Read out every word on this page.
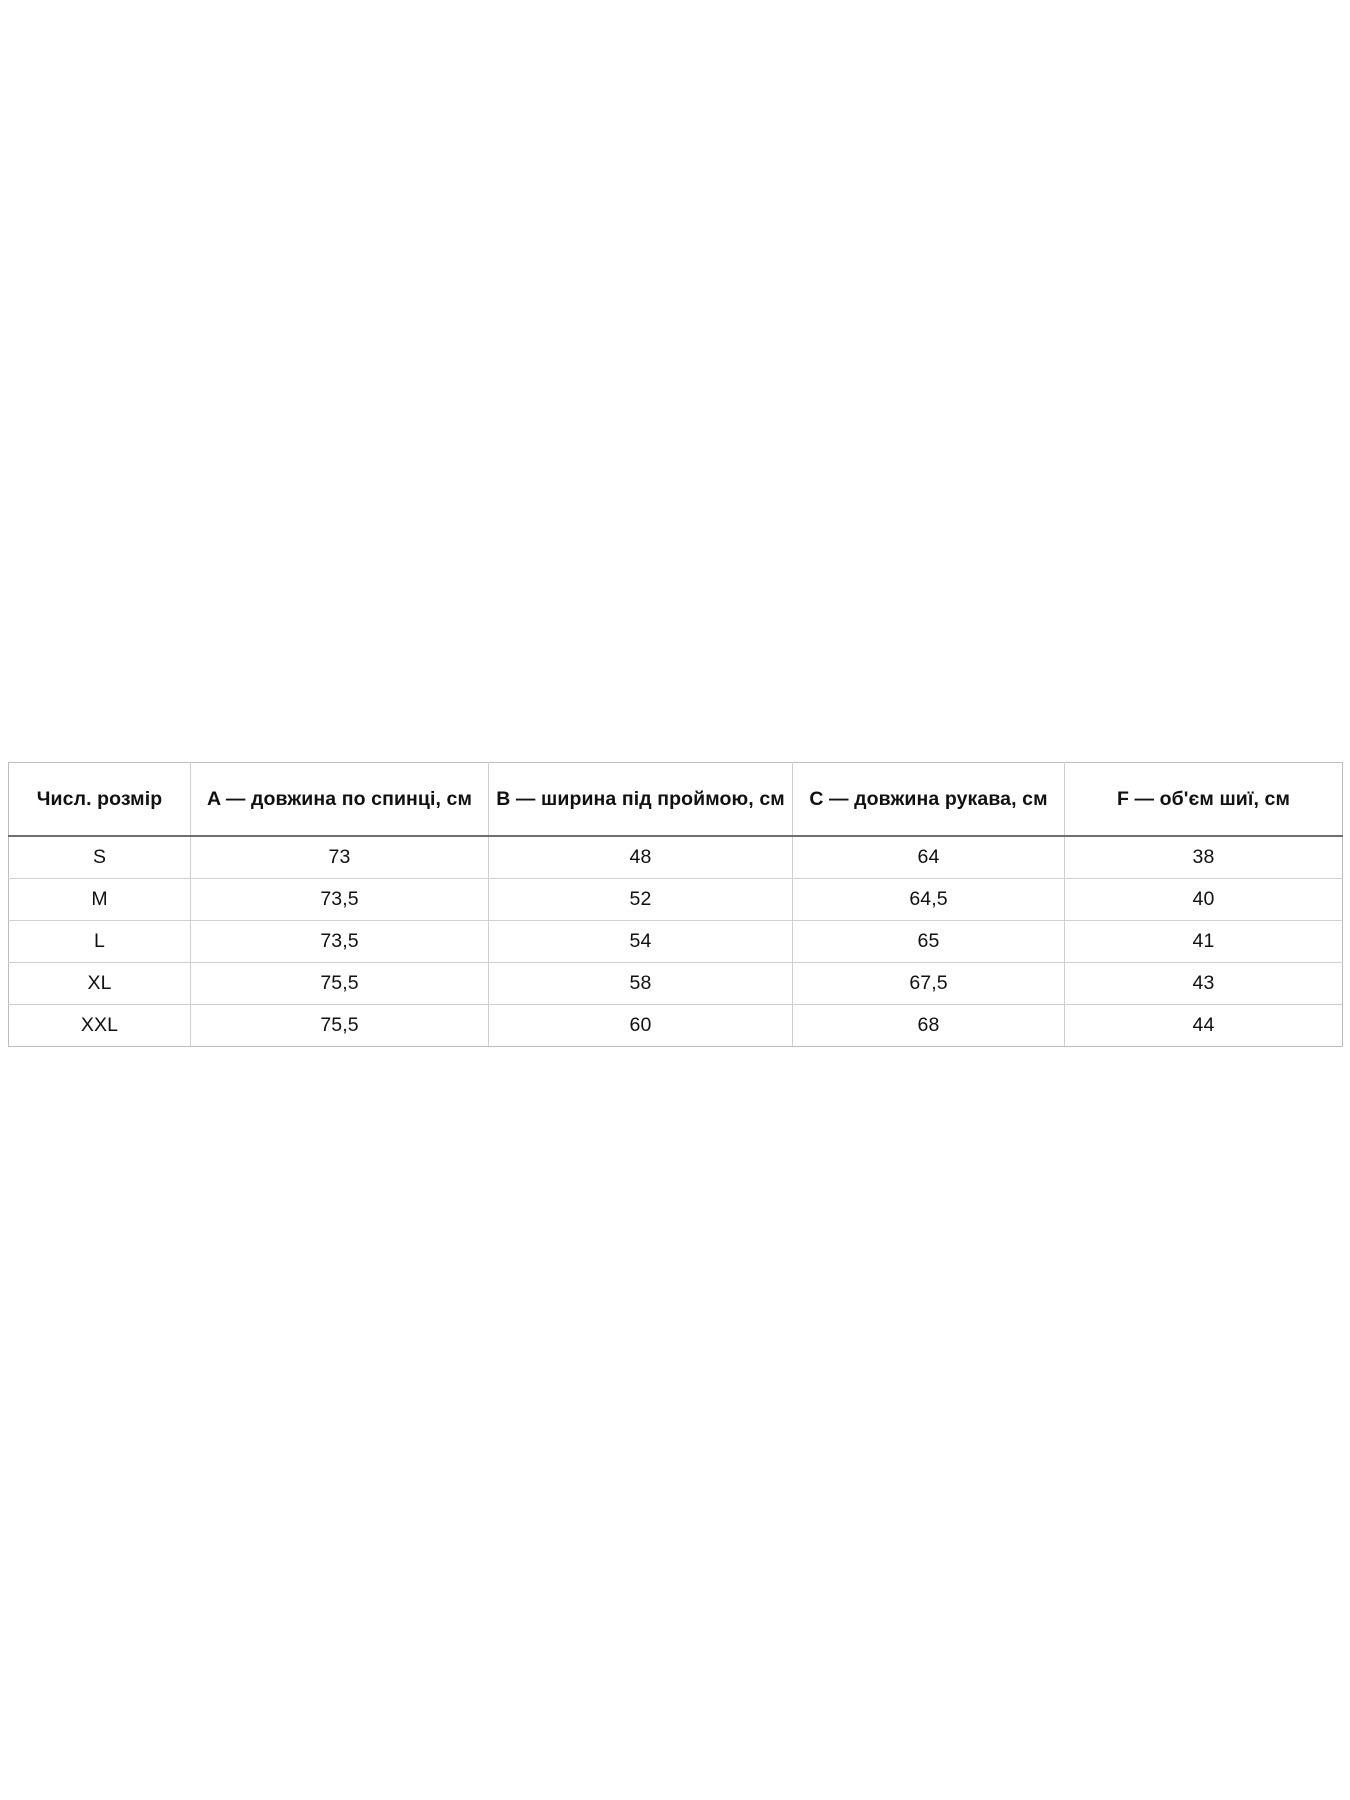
Числ. розмір	A — довжина по спинці, см	B — ширина під проймою, см	C — довжина рукава, см	F — об'єм шиї, см
S	73	48	64	38
M	73,5	52	64,5	40
L	73,5	54	65	41
XL	75,5	58	67,5	43
XXL	75,5	60	68	44
